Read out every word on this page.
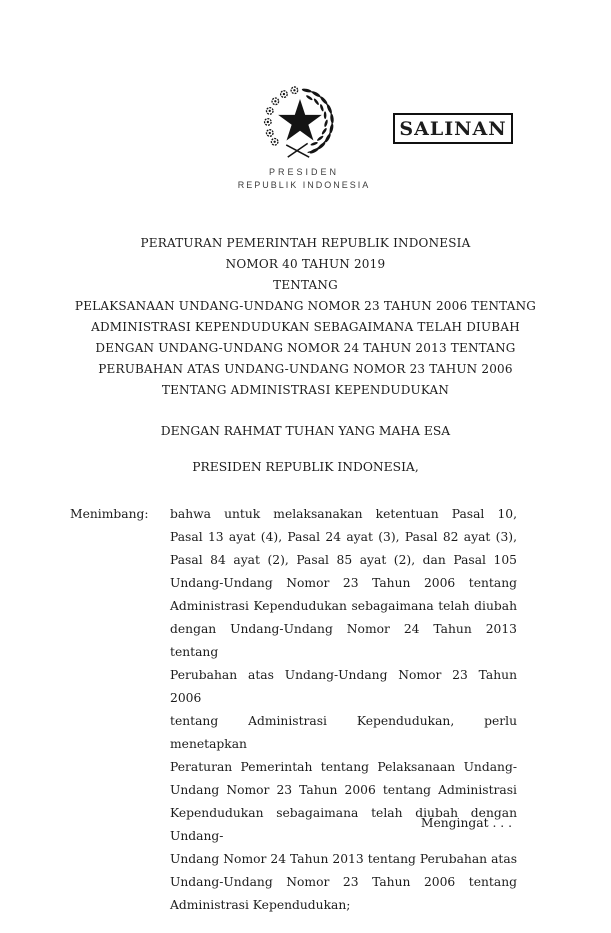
SALINAN
PRESIDEN
REPUBLIK INDONESIA
PERATURAN PEMERINTAH REPUBLIK INDONESIA
NOMOR 40 TAHUN 2019
TENTANG
PELAKSANAAN UNDANG-UNDANG NOMOR 23 TAHUN 2006 TENTANG
ADMINISTRASI KEPENDUDUKAN SEBAGAIMANA TELAH DIUBAH
DENGAN UNDANG-UNDANG NOMOR 24 TAHUN 2013 TENTANG
PERUBAHAN ATAS UNDANG-UNDANG NOMOR 23 TAHUN 2006
TENTANG ADMINISTRASI KEPENDUDUKAN
DENGAN RAHMAT TUHAN YANG MAHA ESA
PRESIDEN REPUBLIK INDONESIA,
Menimbang:	bahwa untuk melaksanakan ketentuan Pasal 10,
Pasal 13 ayat (4), Pasal 24 ayat (3), Pasal 82 ayat (3),
Pasal 84 ayat (2), Pasal 85 ayat (2), dan Pasal 105
Undang-Undang Nomor 23 Tahun 2006 tentang
Administrasi Kependudukan sebagaimana telah diubah
dengan Undang-Undang Nomor 24 Tahun 2013 tentang
Perubahan atas Undang-Undang Nomor 23 Tahun 2006
tentang Administrasi Kependudukan, perlu menetapkan
Peraturan Pemerintah tentang Pelaksanaan Undang-
Undang Nomor 23 Tahun 2006 tentang Administrasi
Kependudukan sebagaimana telah diubah dengan Undang-
Undang Nomor 24 Tahun 2013 tentang Perubahan atas
Undang-Undang Nomor 23 Tahun 2006 tentang
Administrasi Kependudukan;
Mengingat . . .
